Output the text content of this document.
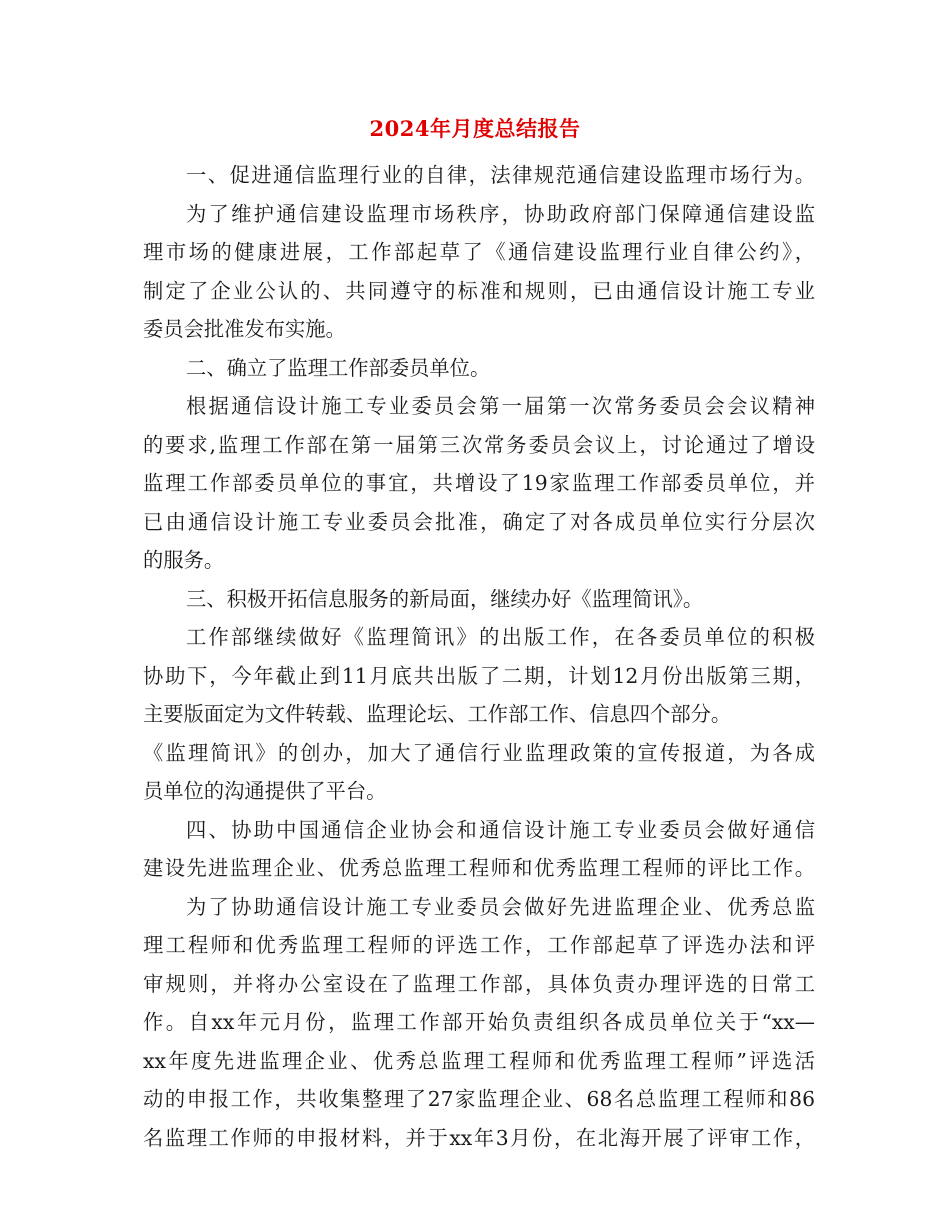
2024年月度总结报告
一、促进通信监理行业的自律，法律规范通信建设监理市场行为。
为了维护通信建设监理市场秩序，协助政府部门保障通信建设监
理市场的健康进展，工作部起草了《通信建设监理行业自律公约》，
制定了企业公认的、共同遵守的标准和规则，已由通信设计施工专业
委员会批准发布实施。
二、确立了监理工作部委员单位。
根据通信设计施工专业委员会第一届第一次常务委员会会议精神
的要求,监理工作部在第一届第三次常务委员会议上，讨论通过了增设
监理工作部委员单位的事宜，共增设了19家监理工作部委员单位，并
已由通信设计施工专业委员会批准，确定了对各成员单位实行分层次
的服务。
三、积极开拓信息服务的新局面，继续办好《监理简讯》。
工作部继续做好《监理简讯》的出版工作，在各委员单位的积极
协助下，今年截止到11月底共出版了二期，计划12月份出版第三期，
主要版面定为文件转载、监理论坛、工作部工作、信息四个部分。
《监理简讯》的创办，加大了通信行业监理政策的宣传报道，为各成
员单位的沟通提供了平台。
四、协助中国通信企业协会和通信设计施工专业委员会做好通信
建设先进监理企业、优秀总监理工程师和优秀监理工程师的评比工作。
为了协助通信设计施工专业委员会做好先进监理企业、优秀总监
理工程师和优秀监理工程师的评选工作，工作部起草了评选办法和评
审规则，并将办公室设在了监理工作部，具体负责办理评选的日常工
作。自xx年元月份，监理工作部开始负责组织各成员单位关于“xx—
xx年度先进监理企业、优秀总监理工程师和优秀监理工程师”评选活
动的申报工作，共收集整理了27家监理企业、68名总监理工程师和86
名监理工作师的申报材料，并于xx年3月份，在北海开展了评审工作，
